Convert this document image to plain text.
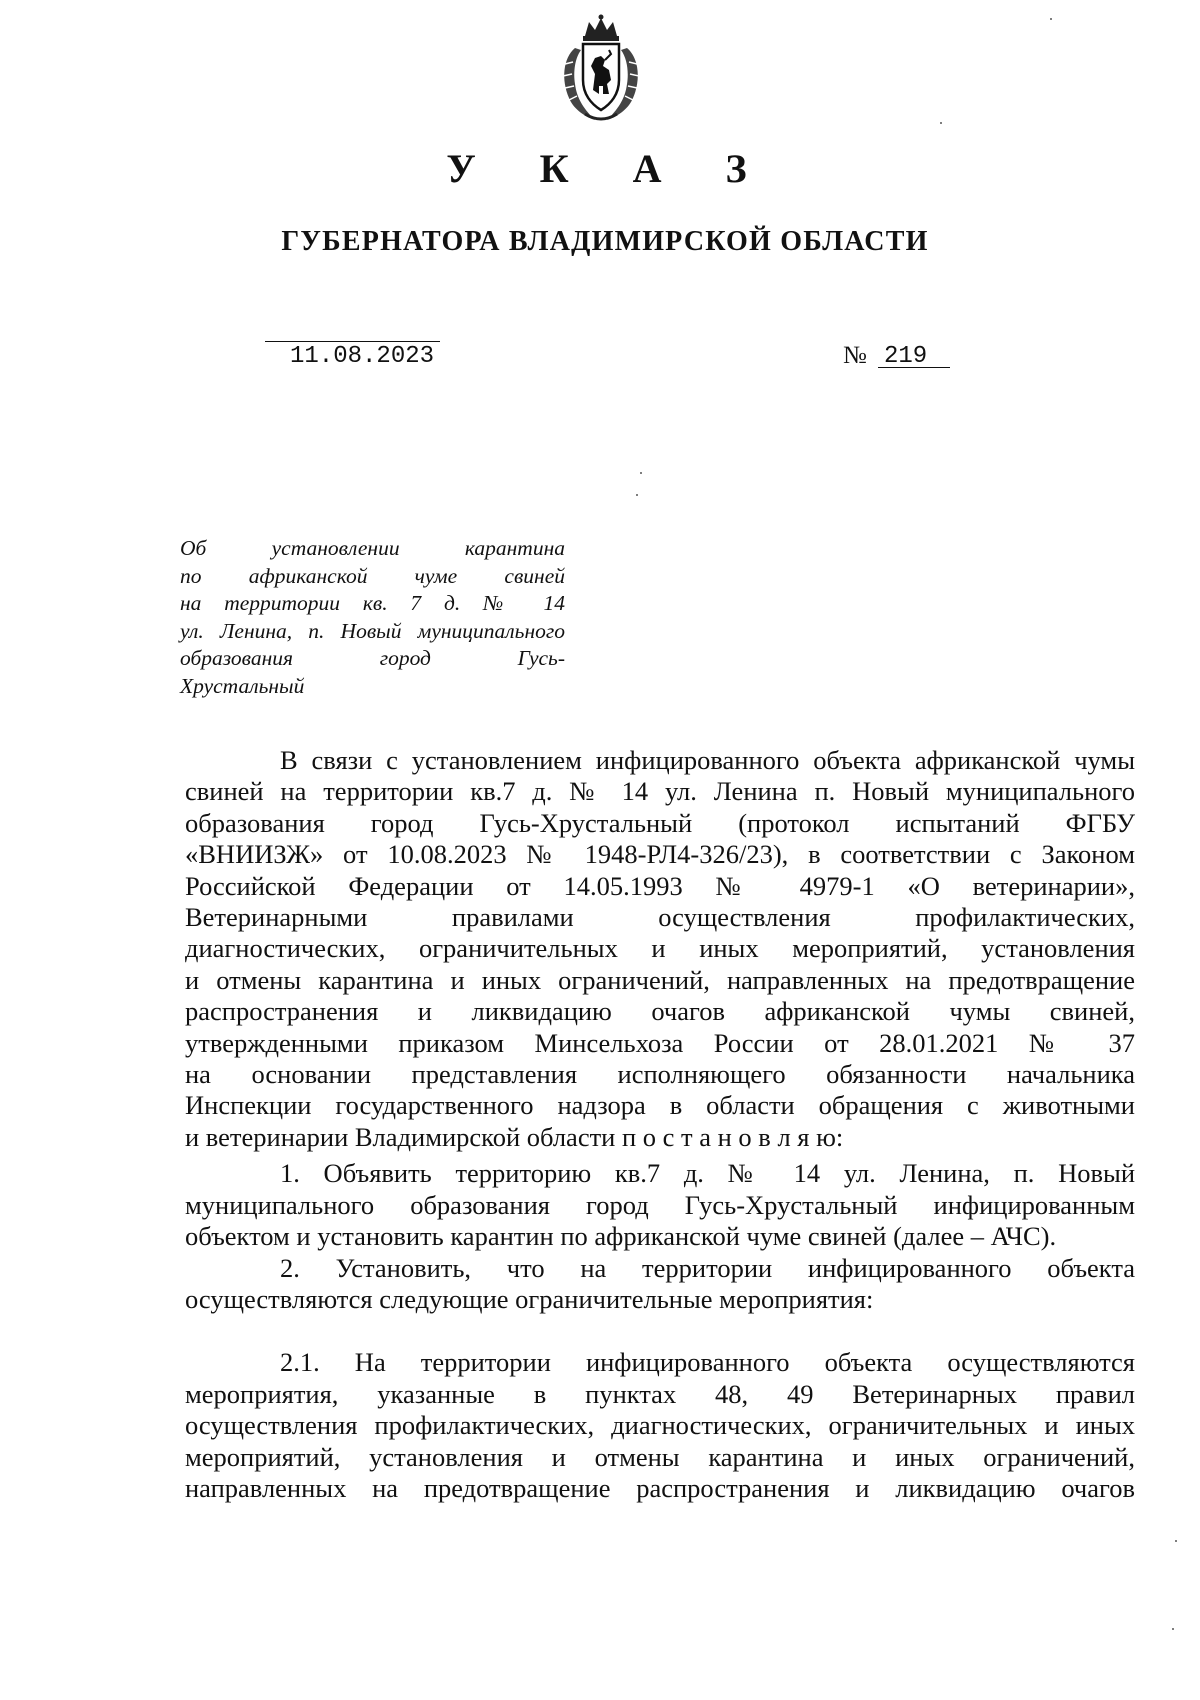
У К А З
ГУБЕРНАТОРА ВЛАДИМИРСКОЙ ОБЛАСТИ
11.08.2023	№ 219
Об установлении карантина
по африканской чуме свиней
на территории кв. 7 д. № 14
ул. Ленина, п. Новый муниципального
образования город Гусь-
Хрустальный
В связи с установлением инфицированного объекта африканской чумы
свиней на территории кв.7 д. № 14 ул. Ленина п. Новый муниципального
образования город Гусь-Хрустальный (протокол испытаний ФГБУ
«ВНИИЗЖ» от 10.08.2023 № 1948-РЛ4-326/23), в соответствии с Законом
Российской Федерации от 14.05.1993 № 4979-1 «О ветеринарии»,
Ветеринарными правилами осуществления профилактических,
диагностических, ограничительных и иных мероприятий, установления
и отмены карантина и иных ограничений, направленных на предотвращение
распространения и ликвидацию очагов африканской чумы свиней,
утвержденными приказом Минсельхоза России от 28.01.2021 № 37
на основании представления исполняющего обязанности начальника
Инспекции государственного надзора в области обращения с животными
и ветеринарии Владимирской области п о с т а н о в л я ю:
1. Объявить территорию кв.7 д. № 14 ул. Ленина, п. Новый
муниципального образования город Гусь-Хрустальный инфицированным
объектом и установить карантин по африканской чуме свиней (далее – АЧС).
2. Установить, что на территории инфицированного объекта
осуществляются следующие ограничительные мероприятия:
2.1. На территории инфицированного объекта осуществляются
мероприятия, указанные в пунктах 48, 49 Ветеринарных правил
осуществления профилактических, диагностических, ограничительных и иных
мероприятий, установления и отмены карантина и иных ограничений,
направленных на предотвращение распространения и ликвидацию очагов
